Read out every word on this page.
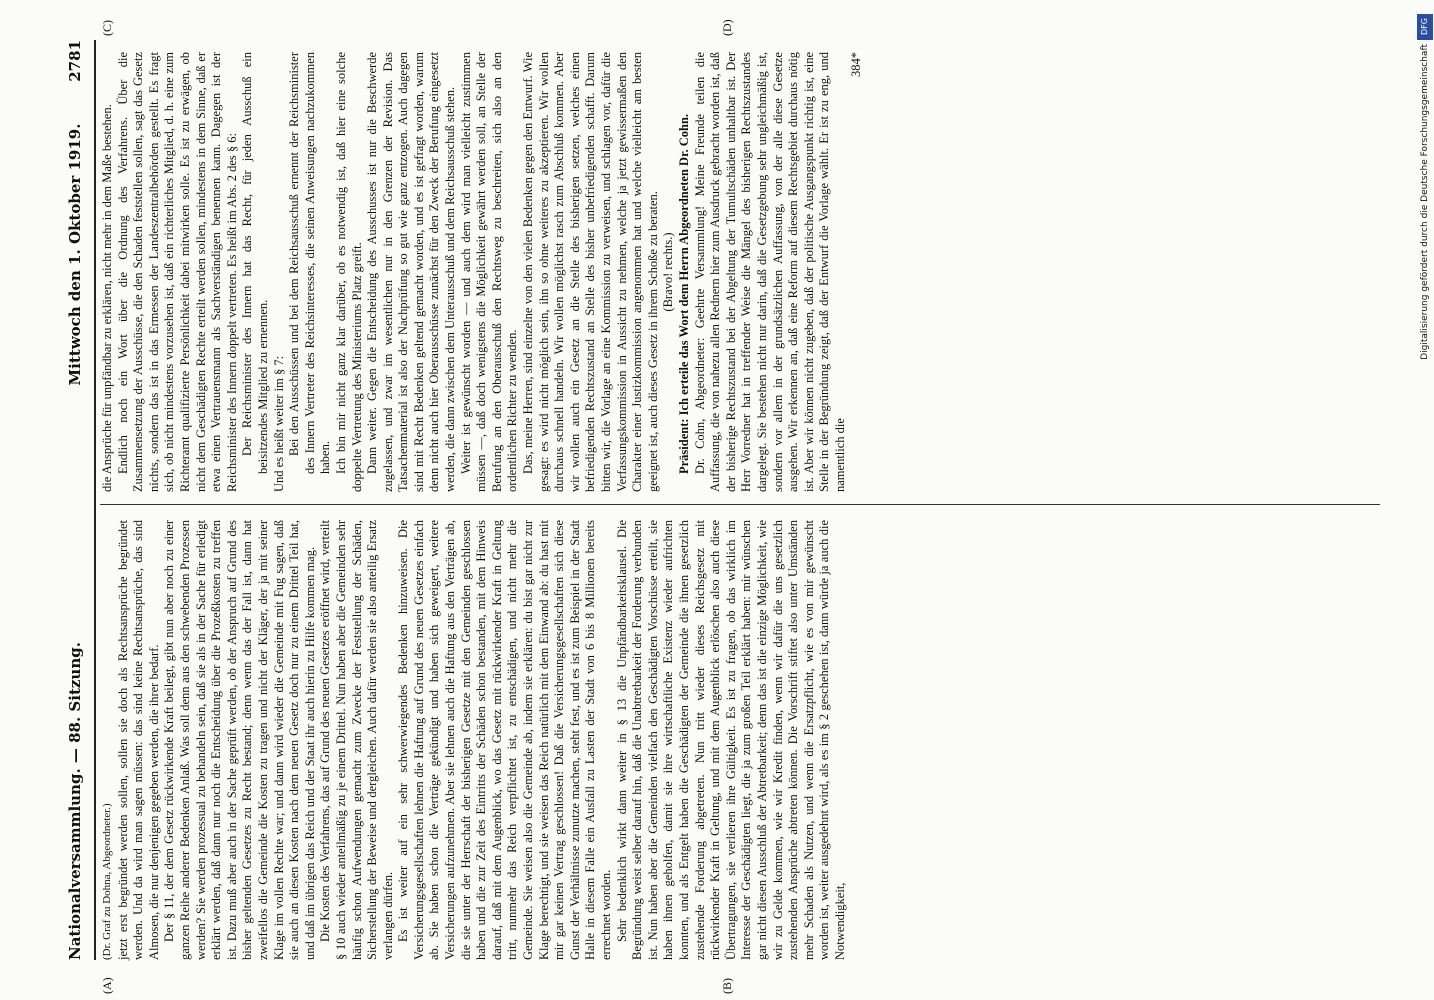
Nationalversammlung. — 88. Sitzung.
Mittwoch den 1. Oktober 1919.        2781

(Dr. Graf zu Dohna, Abgeordneter.) jetzt erst begründet werden sollen, sollen sie doch als Rechtsansprüche begründet werden. Und da wird man sagen müssen: das sind keine Rechtsansprüche, das sind Almosen, die nur denjenigen gegeben werden, die ihrer bedarf. Der § 11, der dem Gesetz rückwirkende Kraft beilegt, gibt nun aber noch zu einer ganzen Reihe anderer Bedenken Anlaß. Was soll denn aus den schwebenden Prozessen werden? Sie werden prozessual zu behandeln sein, daß sie als in der Sache für erledigt erklärt werden, daß dann nur noch die Entscheidung über die Prozeßkosten zu treffen ist. Dazu muß aber auch in der Sache geprüft werden, ob der Anspruch auf Grund des bisher geltenden Gesetzes zu Recht bestand; denn wenn das der Fall ist, dann hat zweifellos die Gemeinde die Kosten zu tragen und nicht der Kläger, der ja mit seiner Klage im vollen Rechte war; und dann wird wieder die Gemeinde mit Fug sagen, daß sie auch an diesen Kosten nach dem neuen Gesetz doch nur zu einem Drittel Teil hat, und daß im übrigen das Reich und der Staat ihr auch hierin zu Hilfe kommen mag. Die Kosten des Verfahrens, das auf Grund des neuen Gesetzes eröffnet wird, verteilt § 10 auch wieder anteilmäßig zu je einem Drittel. Nun haben aber die Gemeinden sehr häufig schon Aufwendungen gemacht zum Zwecke der Feststellung der Schäden, Sicherstellung der Beweise und dergleichen. Auch dafür werden sie also anteilig Ersatz verlangen dürfen. Es ist weiter auf ein sehr schwerwiegendes Bedenken hinzuweisen. Die Versicherungsgesellschaften lehnen die Haftung auf Grund des neuen Gesetzes einfach ab. Sie haben schon die Verträge gekündigt und haben sich geweigert, weitere Versicherungen aufzunehmen. Aber sie lehnen auch die Haftung aus den Verträgen ab, die sie unter der Herrschaft der bisherigen Gesetze mit den Gemeinden geschlossen haben und die zur Zeit des Eintritts der Schäden schon bestanden, mit dem Hinweis darauf, daß mit dem Augenblick, wo das Gesetz mit rückwirkender Kraft in Geltung tritt, nunmehr das Reich verpflichtet ist, zu entschädigen, und nicht mehr die Gemeinde. Sie weisen also die Gemeinde ab, indem sie erklären: du bist gar nicht zur Klage berechtigt, und sie weisen das Reich natürlich mit dem Einwand ab: du hast mit mir gar keinen Vertrag geschlossen! Daß die Versicherungsgesellschaften sich diese Gunst der Verhältnisse zunutze machen, steht fest, und es ist zum Beispiel in der Stadt Halle in diesem Falle ein Ausfall zu Lasten der Stadt von 6 bis 8 Millionen bereits errechnet worden. Sehr bedenklich wirkt dann weiter in § 13 die Unpfändbarkeitsklausel. Die Begründung weist selber darauf hin, daß die Unabtretbarkeit der Forderung verbunden ist. Nun haben aber die Gemeinden vielfach den Geschädigten Vorschüsse erteilt, sie haben ihnen geholfen, damit sie ihre wirtschaftliche Existenz wieder aufrichten konnten, und als Entgelt haben die Geschädigten der Gemeinde die ihnen gesetzlich zustehende Forderung abgetreten. Nun tritt wieder dieses Reichsgesetz mit rückwirkender Kraft in Geltung, und mit dem Augenblick erlöschen also auch diese Übertragungen, sie verlieren ihre Gültigkeit. Es ist zu fragen, ob das wirklich im Interesse der Geschädigten liegt, die ja zum großen Teil erklärt haben: mir wünschen gar nicht diesen Ausschluß der Abtretbarkeit; denn das ist die einzige Möglichkeit, wie wir zu Gelde kommen, wie wir Kredit finden, wenn wir dafür die uns gesetzlich zustehenden Ansprüche abtreten können. Die Vorschrift stiftet also unter Umständen mehr Schaden als Nutzen, und wenn die Ersatzpflicht, wie es von mir gewünscht worden ist, weiter ausgedehnt wird, als es im § 2 geschehen ist, dann würde ja auch die Notwendigkeit,

die Ansprüche für unpfändbar zu erklären, nicht mehr in dem Maße bestehen. Endlich noch ein Wort über die Ordnung des Verfahrens. Über die Zusammensetzung der Ausschüsse, die den Schaden feststellen sollen, sagt das Gesetz nichts, sondern das ist in das Ermessen der Landeszentralbehörden gestellt. Es fragt sich, ob nicht mindestens vorzusehen ist, daß ein richterliches Mitglied, d. h. eine zum Richteramt qualifizierte Persönlichkeit dabei mitwirken solle. Es ist zu erwägen, ob nicht dem Geschädigten Rechte erteilt werden sollen, mindestens in dem Sinne, daß er etwa einen Vertrauensmann als Sachverständigen benennen kann. Dagegen ist der Reichsminister des Innern doppelt vertreten. Es heißt im Abs. 2 des § 6: Der Reichsminister des Innern hat das Recht, für jeden Ausschuß ein beisitzendes Mitglied zu ernennen. Und es heißt weiter im § 7: Bei den Ausschüssen und bei dem Reichsausschuß ernennt der Reichsminister des Innern Vertreter des Reichsinteresses, die seinen Anweisungen nachzukommen haben. Ich bin mir nicht ganz klar darüber, ob es notwendig ist, daß hier eine solche doppelte Vertretung des Ministeriums Platz greift. Dann weiter. Gegen die Entscheidung des Ausschusses ist nur die Beschwerde zugelassen, und zwar im wesentlichen nur in den Grenzen der Revision. Das Tatsachenmaterial ist also der Nachprüfung so gut wie ganz entzogen. Auch dagegen sind mit Recht Bedenken geltend gemacht worden, und es ist gefragt worden, warum denn nicht auch hier Oberausschüsse zunächst für den Zweck der Berufung eingesetzt werden, die dann zwischen dem Unterausschuß und dem Reichsausschuß stehen. Weiter ist gewünscht worden — und auch dem wird man vielleicht zustimmen müssen —, daß doch wenigstens die Möglichkeit gewährt werden soll, an Stelle der Berufung an den Oberausschuß den Rechtsweg zu beschreiten, sich also an den ordentlichen Richter zu wenden. Das, meine Herren, sind einzelne von den vielen Bedenken gegen den Entwurf. Wie gesagt: es wird nicht möglich sein, ihn so ohne weiteres zu akzeptieren. Wir wollen durchaus schnell handeln. Wir wollen möglichst rasch zum Abschluß kommen. Aber wir wollen auch ein Gesetz an die Stelle des bisherigen setzen, welches einen befriedigenden Rechtszustand an Stelle des bisher unbefriedigenden schafft. Darum bitten wir, die Vorlage an eine Kommission zu verweisen, und schlagen vor, dafür die Verfassungskommission in Aussicht zu nehmen, welche ja jetzt gewissermaßen den Charakter einer Justizkommission angenommen hat und welche vielleicht am besten geeignet ist, auch dieses Gesetz in ihrem Schoße zu beraten. (Bravo! rechts.) Präsident: Ich erteile das Wort dem Herrn Abgeordneten Dr. Cohn. Dr. Cohn, Abgeordneter: Geehrte Versammlung! Meine Freunde teilen die Auffassung, die von nahezu allen Rednern hier zum Ausdruck gebracht worden ist, daß der bisherige Rechtszustand bei der Abgeltung der Tumultschäden unhaltbar ist. Der Herr Vorredner hat in treffender Weise die Mängel des bisherigen Rechtszustandes dargelegt. Sie bestehen nicht nur darin, daß die Gesetzgebung sehr ungleichmäßig ist, sondern vor allem in der grundsätzlichen Auffassung, von der alle diese Gesetze ausgehen. Wir erkennen an, daß eine Reform auf diesem Rechtsgebiet durchaus nötig ist. Aber wir können nicht zugeben, daß der politische Ausgangspunkt richtig ist, eine Stelle in der Begründung zeigt, daß der Entwurf die Vorlage wählt. Er ist zu eng, und namentlich die

384*

(A)	(B)
(C)	(D)	DFG
Digitalisierung gefördert durch die Deutsche Forschungsgemeinschaft
